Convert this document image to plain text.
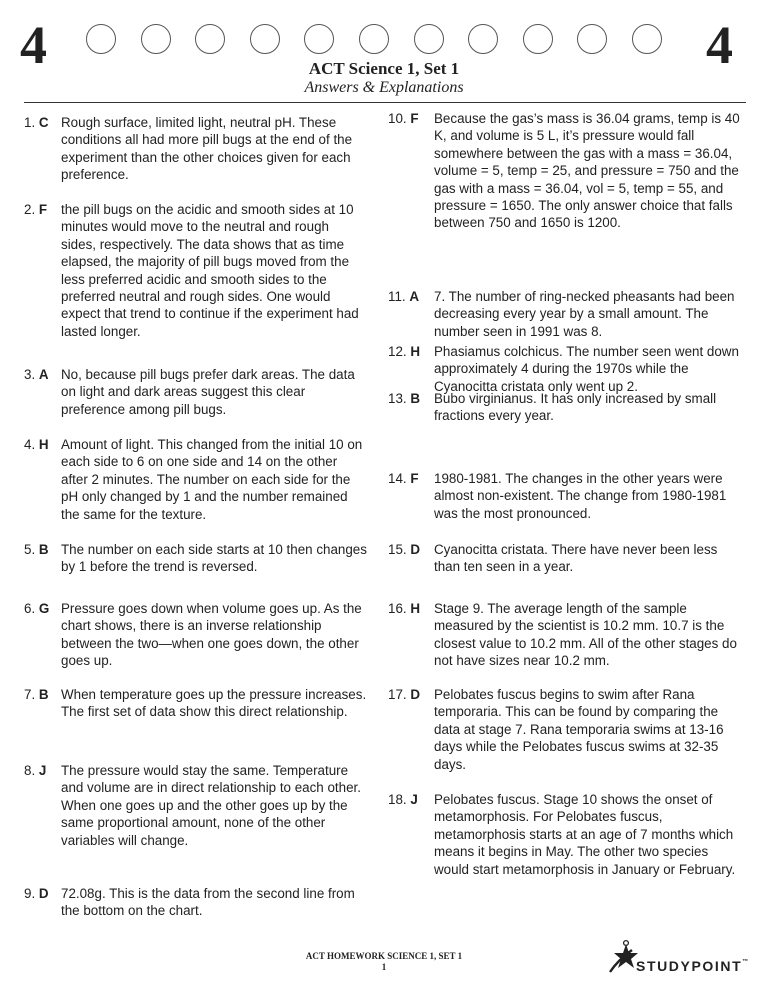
4	4
ACT Science 1, Set 1
Answers & Explanations
1. C Rough surface, limited light, neutral pH. These conditions all had more pill bugs at the end of the experiment than the other choices given for each preference.
2. F the pill bugs on the acidic and smooth sides at 10 minutes would move to the neutral and rough sides, respectively. The data shows that as time elapsed, the majority of pill bugs moved from the less preferred acidic and smooth sides to the preferred neutral and rough sides. One would expect that trend to continue if the experiment had lasted longer.
3. A No, because pill bugs prefer dark areas. The data on light and dark areas suggest this clear preference among pill bugs.
4. H Amount of light. This changed from the initial 10 on each side to 6 on one side and 14 on the other after 2 minutes. The number on each side for the pH only changed by 1 and the number remained the same for the texture.
5. B The number on each side starts at 10 then changes by 1 before the trend is reversed.
6. G Pressure goes down when volume goes up. As the chart shows, there is an inverse relationship between the two—when one goes down, the other goes up.
7. B When temperature goes up the pressure increases. The first set of data show this direct relationship.
8. J The pressure would stay the same. Temperature and volume are in direct relationship to each other. When one goes up and the other goes up by the same proportional amount, none of the other variables will change.
9. D 72.08g. This is the data from the second line from the bottom on the chart.
10. F Because the gas’s mass is 36.04 grams, temp is 40 K, and volume is 5 L, it’s pressure would fall somewhere between the gas with a mass = 36.04, volume = 5, temp = 25, and pressure = 750 and the gas with a mass = 36.04, vol = 5, temp = 55, and pressure = 1650. The only answer choice that falls between 750 and 1650 is 1200.
11. A 7. The number of ring-necked pheasants had been decreasing every year by a small amount. The number seen in 1991 was 8.
12. H Phasiamus colchicus. The number seen went down approximately 4 during the 1970s while the Cyanocitta cristata only went up 2.
13. B Bubo virginianus. It has only increased by small fractions every year.
14. F 1980-1981. The changes in the other years were almost non-existent. The change from 1980-1981 was the most pronounced.
15. D Cyanocitta cristata. There have never been less than ten seen in a year.
16. H Stage 9. The average length of the sample measured by the scientist is 10.2 mm. 10.7 is the closest value to 10.2 mm. All of the other stages do not have sizes near 10.2 mm.
17. D Pelobates fuscus begins to swim after Rana temporaria. This can be found by comparing the data at stage 7. Rana temporaria swims at 13-16 days while the Pelobates fuscus swims at 32-35 days.
18. J Pelobates fuscus. Stage 10 shows the onset of metamorphosis. For Pelobates fuscus, metamorphosis starts at an age of 7 months which means it begins in May. The other two species would start metamorphosis in January or February.
ACT HOMEWORK SCIENCE 1, SET 1
1	STUDYPOINT™
